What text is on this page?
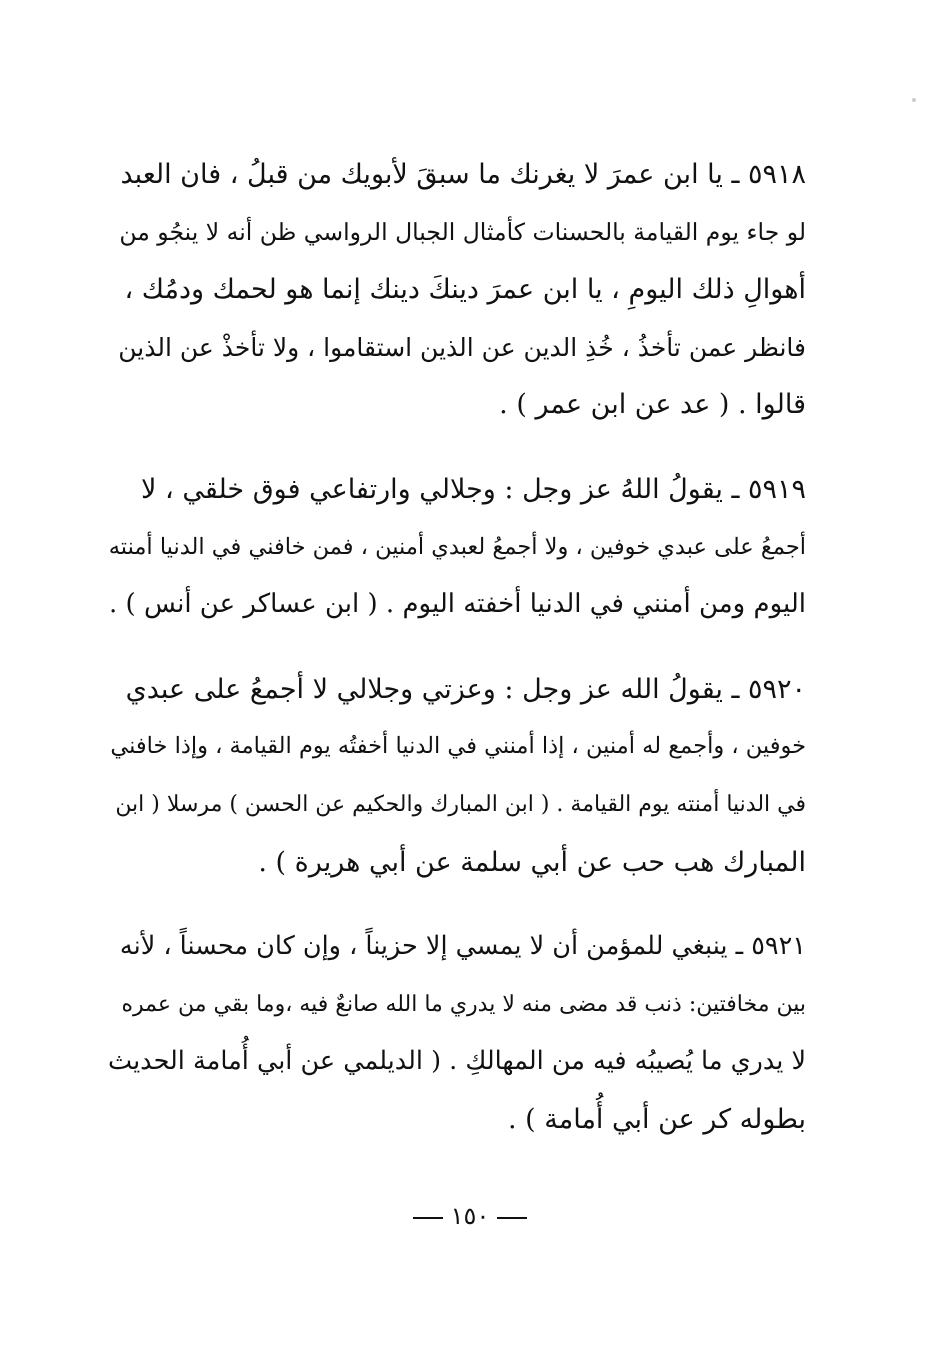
٥٩١٨ ـ يا ابن عمرَ لا يغرنك ما سبقَ لأبويك من قبلُ ، فان العبد
لو جاء يوم القيامة بالحسنات كأمثال الجبال الرواسي ظن أنه لا ينجُو من
أهوالِ ذلك اليومِ ، يا ابن عمرَ دينكَ دينك إنما هو لحمك ودمُك ،
فانظر عمن تأخذُ ، خُذِ الدين عن الذين استقاموا ، ولا تأخذْ عن الذين
قالوا . ( عد عن ابن عمر ) .

٥٩١٩ ـ يقولُ اللهُ عز وجل : وجلالي وارتفاعي فوق خلقي ، لا
أجمعُ على عبدي خوفين ، ولا أجمعُ لعبدي أمنين ، فمن خافني في الدنيا أمنته
اليوم ومن أمنني في الدنيا أخفته اليوم . ( ابن عساكر عن أنس ) .

٥٩٢٠ ـ يقولُ الله عز وجل : وعزتي وجلالي لا أجمعُ على عبدي
خوفين ، وأجمع له أمنين ، إذا أمنني في الدنيا أخفتُه يوم القيامة ، وإذا خافني
في الدنيا أمنته يوم القيامة . ( ابن المبارك والحكيم عن الحسن ) مرسلا ( ابن
المبارك هب حب عن أبي سلمة عن أبي هريرة ) .

٥٩٢١ ـ ينبغي للمؤمن أن لا يمسي إلا حزيناً ، وإن كان محسناً ، لأنه
بين مخافتين: ذنب قد مضى منه لا يدري ما الله صانعٌ فيه ،وما بقي من عمره
لا يدري ما يُصيبُه فيه من المهالكِ . ( الديلمي عن أبي أُمامة الحديث
بطوله كر عن أبي أُمامة ) .

١٥٠
